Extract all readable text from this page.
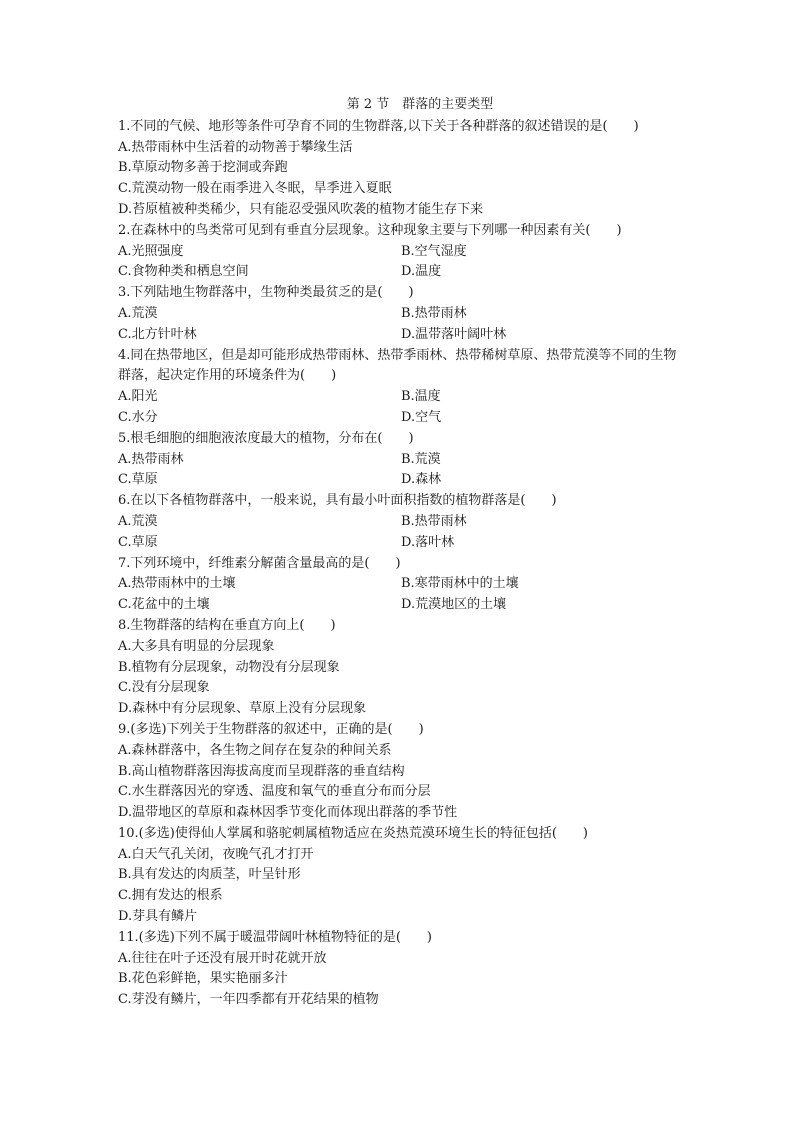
第 2 节　群落的主要类型

1.不同的气候、地形等条件可孕育不同的生物群落,以下关于各种群落的叙述错误的是(　　)

A.热带雨林中生活着的动物善于攀缘生活

B.草原动物多善于挖洞或奔跑

C.荒漠动物一般在雨季进入冬眠，旱季进入夏眠

D.苔原植被种类稀少，只有能忍受强风吹袭的植物才能生存下来

2.在森林中的鸟类常可见到有垂直分层现象。这种现象主要与下列哪一种因素有关(　　)

A.光照强度	B.空气湿度
C.食物种类和栖息空间	D.温度

3.下列陆地生物群落中，生物种类最贫乏的是(　　)

A.荒漠	B.热带雨林
C.北方针叶林	D.温带落叶阔叶林

4.同在热带地区，但是却可能形成热带雨林、热带季雨林、热带稀树草原、热带荒漠等不同的生物群落，起决定作用的环境条件为(　　)

A.阳光	B.温度
C.水分	D.空气

5.根毛细胞的细胞液浓度最大的植物，分布在(　　)

A.热带雨林	B.荒漠
C.草原	D.森林

6.在以下各植物群落中，一般来说，具有最小叶面积指数的植物群落是(　　)

A.荒漠	B.热带雨林
C.草原	D.落叶林

7.下列环境中，纤维素分解菌含量最高的是(　　)

A.热带雨林中的土壤	B.寒带雨林中的土壤
C.花盆中的土壤	D.荒漠地区的土壤

8.生物群落的结构在垂直方向上(　　)

A.大多具有明显的分层现象

B.植物有分层现象，动物没有分层现象

C.没有分层现象

D.森林中有分层现象、草原上没有分层现象

9.(多选)下列关于生物群落的叙述中，正确的是(　　)

A.森林群落中，各生物之间存在复杂的种间关系

B.高山植物群落因海拔高度而呈现群落的垂直结构

C.水生群落因光的穿透、温度和氧气的垂直分布而分层

D.温带地区的草原和森林因季节变化而体现出群落的季节性

10.(多选)使得仙人掌属和骆驼刺属植物适应在炎热荒漠环境生长的特征包括(　　)

A.白天气孔关闭，夜晚气孔才打开

B.具有发达的肉质茎，叶呈针形

C.拥有发达的根系

D.芽具有鳞片

11.(多选)下列不属于暖温带阔叶林植物特征的是(　　)

A.往往在叶子还没有展开时花就开放

B.花色彩鲜艳，果实艳丽多汁

C.芽没有鳞片，一年四季都有开花结果的植物
